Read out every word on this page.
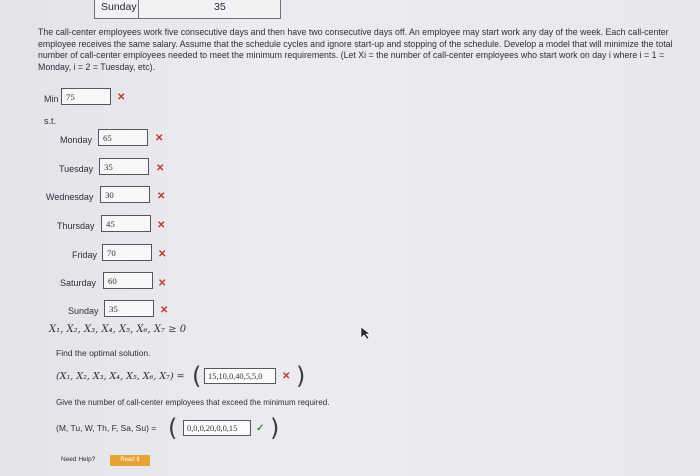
Sunday	35
The call-center employees work five consecutive days and then have two consecutive days off. An employee may start work any day of the week. Each call-center employee receives the same salary. Assume that the schedule cycles and ignore start-up and stopping of the schedule. Develop a model that will minimize the total number of call-center employees needed to meet the minimum requirements. (Let Xi = the number of call-center employees who start work on day i where i = 1 = Monday, i = 2 = Tuesday, etc).
Min 75	✕
s.t.
Monday	65	✕
Tuesday	35	✕
Wednesday	30	✕
Thursday	45	✕
Friday	70	✕
Saturday	60	✕
Sunday	35	✕
X₁, X₂, X₃, X₄, X₅, X₆, X₇ ≥ 0
Find the optimal solution.
(X₁, X₂, X₃, X₄, X₅, X₆, X₇) = ( 15,10,0,40,5,5,0	✕ )
Give the number of call-center employees that exceed the minimum required.
(M, Tu, W, Th, F, Sa, Su) = (	0,0,0,20,0,0,15	✓ )
Need Help?	Read It
